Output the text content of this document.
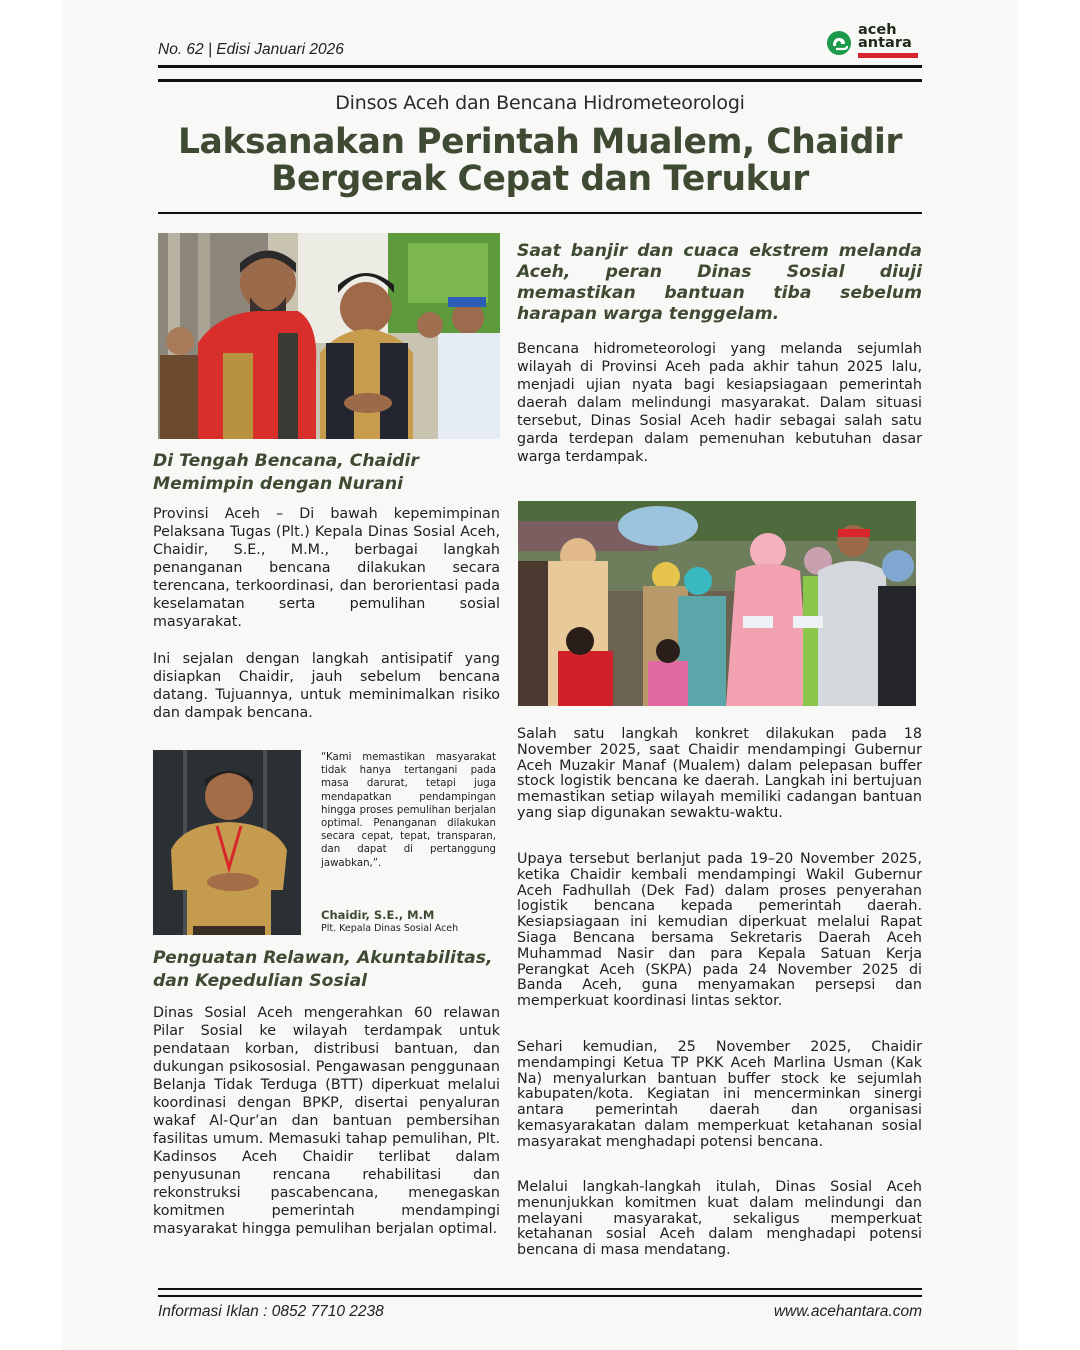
No. 62 | Edisi Januari 2026
aceh
antara
Dinsos Aceh dan Bencana Hidrometeorologi
Laksanakan Perintah Mualem, Chaidir
Bergerak Cepat dan Terukur
Di Tengah Bencana, Chaidir Memimpin dengan Nurani
Provinsi Aceh – Di bawah kepemimpinan Pelaksana Tugas (Plt.) Kepala Dinas Sosial Aceh, Chaidir, S.E., M.M., berbagai langkah penanganan bencana dilakukan secara terencana, terkoordinasi, dan berorientasi pada keselamatan serta pemulihan sosial masyarakat.
Ini sejalan dengan langkah antisipatif yang disiapkan Chaidir, jauh sebelum bencana datang. Tujuannya, untuk meminimalkan risiko dan dampak bencana.
“Kami memastikan masyarakat tidak hanya tertangani pada masa darurat, tetapi juga mendapatkan pendampingan hingga proses pemulihan berjalan optimal. Penanganan dilakukan secara cepat, tepat, transparan, dan dapat di pertanggung jawabkan,”.
Chaidir, S.E., M.M
Plt. Kepala Dinas Sosial Aceh
Penguatan Relawan, Akuntabilitas, dan Kepedulian Sosial
Dinas Sosial Aceh mengerahkan 60 relawan Pilar Sosial ke wilayah terdampak untuk pendataan korban, distribusi bantuan, dan dukungan psikososial. Pengawasan penggunaan Belanja Tidak Terduga (BTT) diperkuat melalui koordinasi dengan BPKP, disertai penyaluran wakaf Al-Qur’an dan bantuan pembersihan fasilitas umum. Memasuki tahap pemulihan, Plt. Kadinsos Aceh Chaidir terlibat dalam penyusunan rencana rehabilitasi dan rekonstruksi pascabencana, menegaskan komitmen pemerintah mendampingi masyarakat hingga pemulihan berjalan optimal.
Saat banjir dan cuaca ekstrem melanda Aceh, peran Dinas Sosial diuji memastikan bantuan tiba sebelum harapan warga tenggelam.
Bencana hidrometeorologi yang melanda sejumlah wilayah di Provinsi Aceh pada akhir tahun 2025 lalu, menjadi ujian nyata bagi kesiapsiagaan pemerintah daerah dalam melindungi masyarakat. Dalam situasi tersebut, Dinas Sosial Aceh hadir sebagai salah satu garda terdepan dalam pemenuhan kebutuhan dasar warga terdampak.
Salah satu langkah konkret dilakukan pada 18 November 2025, saat Chaidir mendampingi Gubernur Aceh Muzakir Manaf (Mualem) dalam pelepasan buffer stock logistik bencana ke daerah. Langkah ini bertujuan memastikan setiap wilayah memiliki cadangan bantuan yang siap digunakan sewaktu-waktu.
Upaya tersebut berlanjut pada 19–20 November 2025, ketika Chaidir kembali mendampingi Wakil Gubernur Aceh Fadhullah (Dek Fad) dalam proses penyerahan logistik bencana kepada pemerintah daerah. Kesiapsiagaan ini kemudian diperkuat melalui Rapat Siaga Bencana bersama Sekretaris Daerah Aceh Muhammad Nasir dan para Kepala Satuan Kerja Perangkat Aceh (SKPA) pada 24 November 2025 di Banda Aceh, guna menyamakan persepsi dan memperkuat koordinasi lintas sektor.
Sehari kemudian, 25 November 2025, Chaidir mendampingi Ketua TP PKK Aceh Marlina Usman (Kak Na) menyalurkan bantuan buffer stock ke sejumlah kabupaten/kota. Kegiatan ini mencerminkan sinergi antara pemerintah daerah dan organisasi kemasyarakatan dalam memperkuat ketahanan sosial masyarakat menghadapi potensi bencana.
Melalui langkah-langkah itulah, Dinas Sosial Aceh menunjukkan komitmen kuat dalam melindungi dan melayani masyarakat, sekaligus memperkuat ketahanan sosial Aceh dalam menghadapi potensi bencana di masa mendatang.
Informasi Iklan : 0852 7710 2238	www.acehantara.com
